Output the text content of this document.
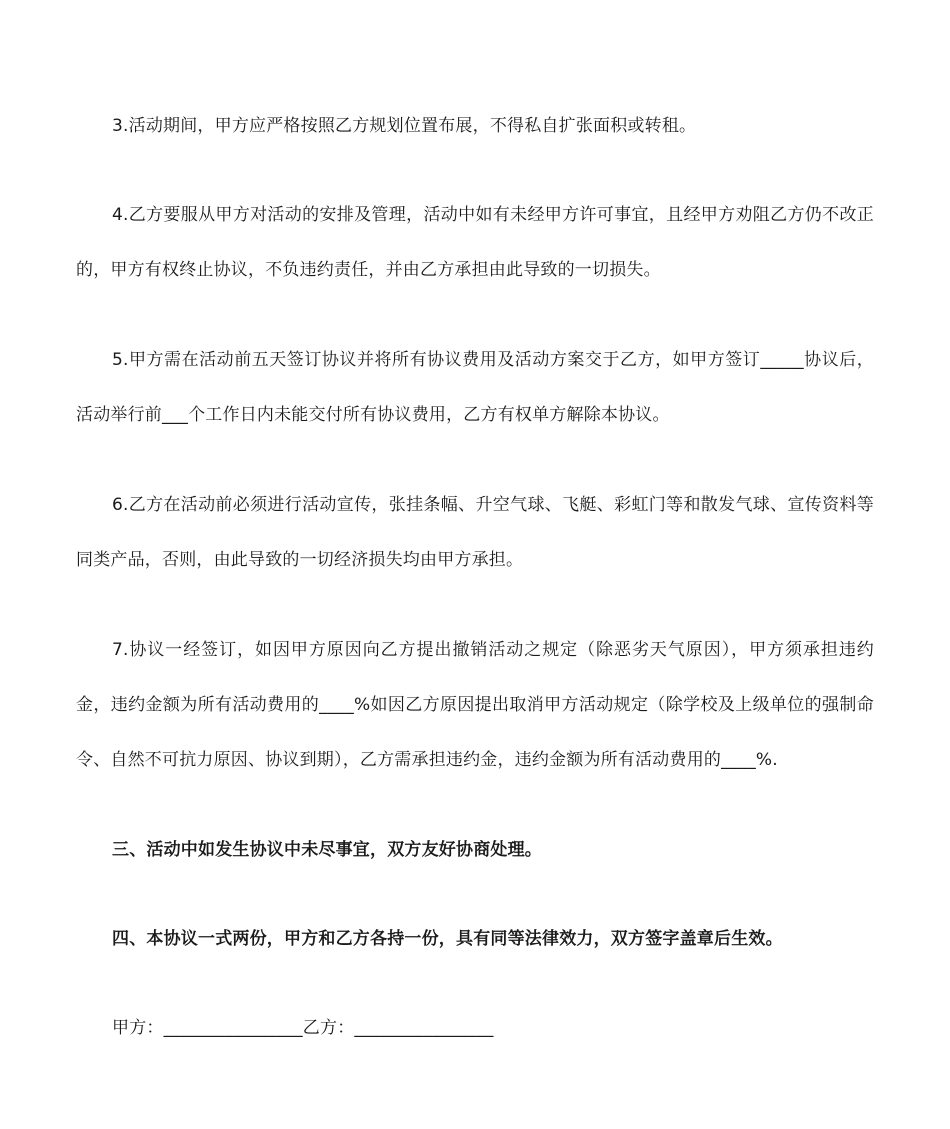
3.活动期间，甲方应严格按照乙方规划位置布展，不得私自扩张面积或转租。

4.乙方要服从甲方对活动的安排及管理，活动中如有未经甲方许可事宜，且经甲方劝阻乙方仍不改正的，甲方有权终止协议，不负违约责任，并由乙方承担由此导致的一切损失。

5.甲方需在活动前五天签订协议并将所有协议费用及活动方案交于乙方，如甲方签订_____协议后，活动举行前___个工作日内未能交付所有协议费用，乙方有权单方解除本协议。

6.乙方在活动前必须进行活动宣传，张挂条幅、升空气球、飞艇、彩虹门等和散发气球、宣传资料等同类产品，否则，由此导致的一切经济损失均由甲方承担。

7.协议一经签订，如因甲方原因向乙方提出撤销活动之规定（除恶劣天气原因），甲方须承担违约金，违约金额为所有活动费用的____%如因乙方原因提出取消甲方活动规定（除学校及上级单位的强制命令、自然不可抗力原因、协议到期），乙方需承担违约金，违约金额为所有活动费用的____%.

三、活动中如发生协议中未尽事宜，双方友好协商处理。

四、本协议一式两份，甲方和乙方各持一份，具有同等法律效力，双方签字盖章后生效。

甲方：________________乙方：________________
